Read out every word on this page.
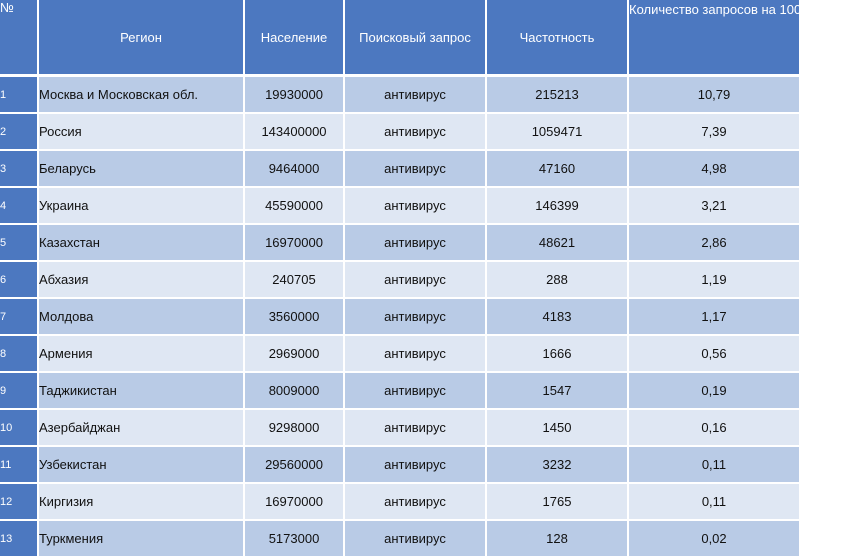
№	Регион	Население	Поисковый запрос	Частотность	Количество запросов на 1000 человек
1	Москва и Московская обл.	19930000	антивирус	215213	10,79
2	Россия	143400000	антивирус	1059471	7,39
3	Беларусь	9464000	антивирус	47160	4,98
4	Украина	45590000	антивирус	146399	3,21
5	Казахстан	16970000	антивирус	48621	2,86
6	Абхазия	240705	антивирус	288	1,19
7	Молдова	3560000	антивирус	4183	1,17
8	Армения	2969000	антивирус	1666	0,56
9	Таджикистан	8009000	антивирус	1547	0,19
10	Азербайджан	9298000	антивирус	1450	0,16
11	Узбекистан	29560000	антивирус	3232	0,11
12	Киргизия	16970000	антивирус	1765	0,11
13	Туркмения	5173000	антивирус	128	0,02
